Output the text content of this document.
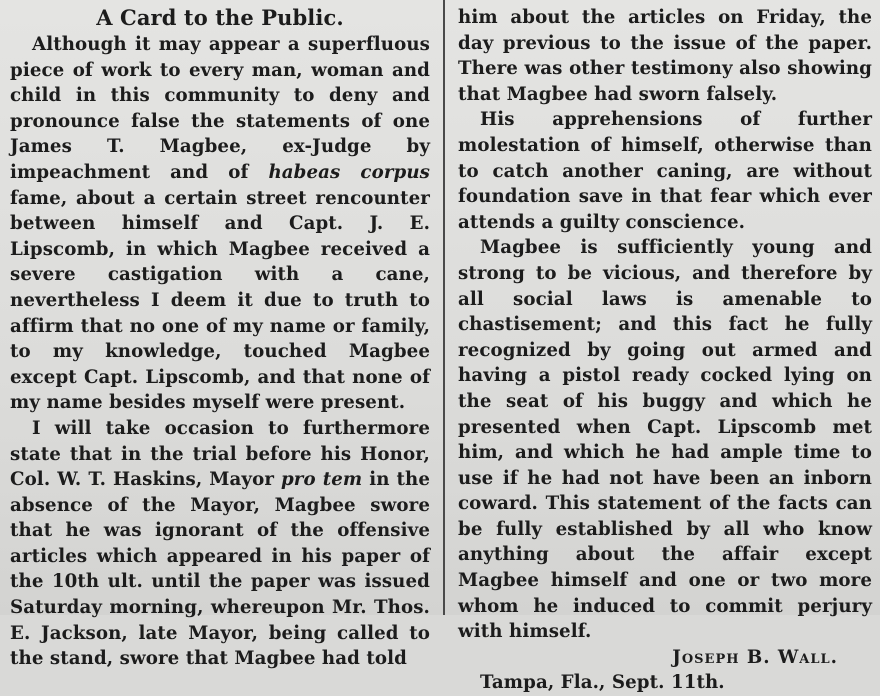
A Card to the Public.

Although it may appear a superfluous piece of work to every man, woman and child in this community to deny and pronounce false the statements of one James T. Magbee, ex-Judge by impeachment and of habeas corpus fame, about a certain street rencounter between himself and Capt. J. E. Lipscomb, in which Magbee received a severe castigation with a cane, nevertheless I deem it due to truth to affirm that no one of my name or family, to my knowledge, touched Magbee except Capt. Lipscomb, and that none of my name besides myself were present.

I will take occasion to furthermore state that in the trial before his Honor, Col. W. T. Haskins, Mayor pro tem in the absence of the Mayor, Magbee swore that he was ignorant of the offensive articles which appeared in his paper of the 10th ult. until the paper was issued Saturday morning, whereupon Mr. Thos. E. Jackson, late Mayor, being called to the stand, swore that Magbee had told

him about the articles on Friday, the day previous to the issue of the paper. There was other testimony also showing that Magbee had sworn falsely.

His apprehensions of further molestation of himself, otherwise than to catch another caning, are without foundation save in that fear which ever attends a guilty conscience.

Magbee is sufficiently young and strong to be vicious, and therefore by all social laws is amenable to chastisement; and this fact he fully recognized by going out armed and having a pistol ready cocked lying on the seat of his buggy and which he presented when Capt. Lipscomb met him, and which he had ample time to use if he had not have been an inborn coward. This statement of the facts can be fully established by all who know anything about the affair except Magbee himself and one or two more whom he induced to commit perjury with himself.

Joseph B. Wall.

Tampa, Fla., Sept. 11th.
